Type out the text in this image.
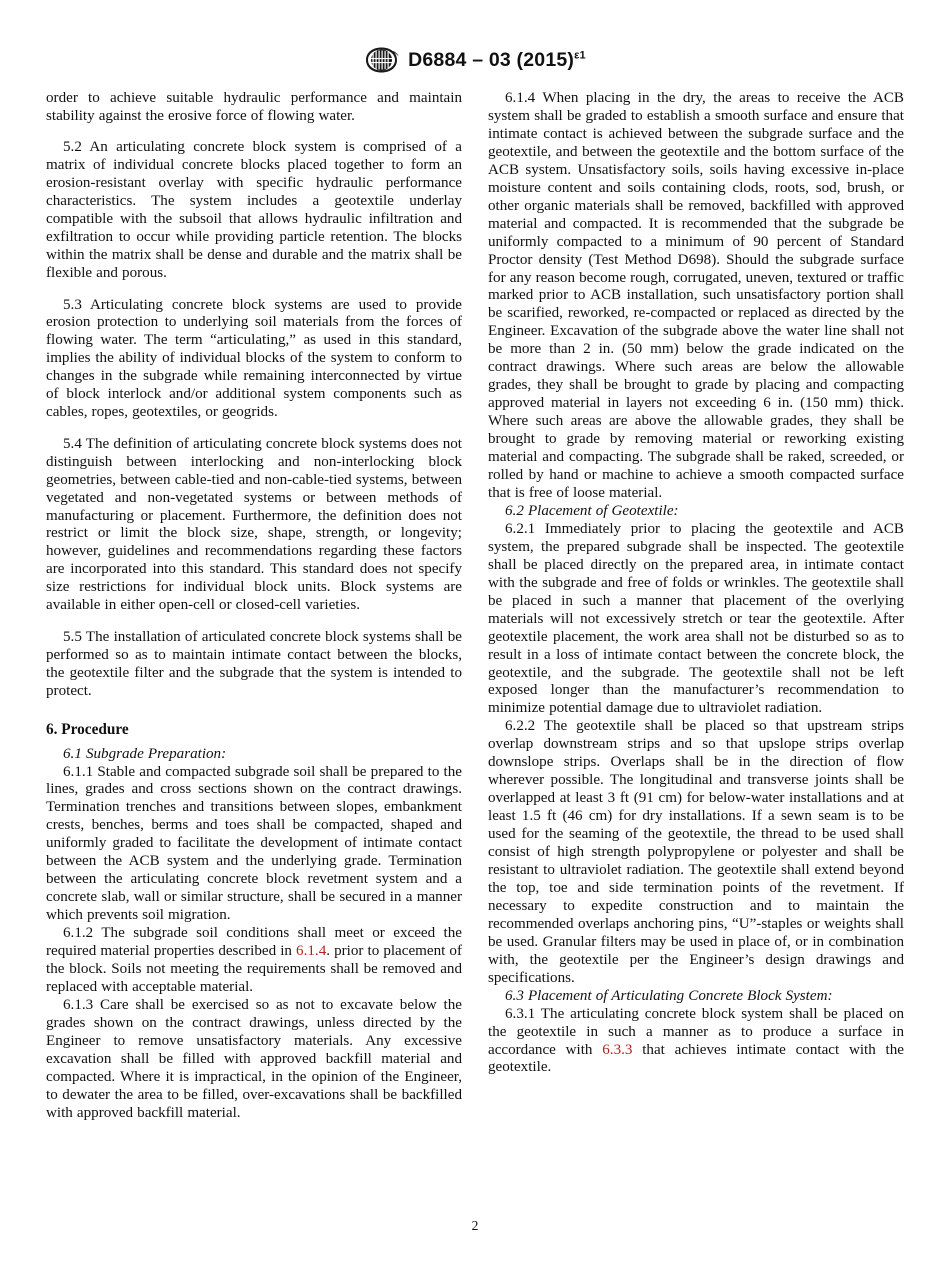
D6884 – 03 $(2015)^{\varepsilon 1}$

order to achieve suitable hydraulic performance and maintain stability against the erosive force of flowing water.

5.2 An articulating concrete block system is comprised of a matrix of individual concrete blocks placed together to form an erosion-resistant overlay with specific hydraulic performance characteristics. The system includes a geotextile underlay compatible with the subsoil that allows hydraulic infiltration and exfiltration to occur while providing particle retention. The blocks within the matrix shall be dense and durable and the matrix shall be flexible and porous.

5.3 Articulating concrete block systems are used to provide erosion protection to underlying soil materials from the forces of flowing water. The term “articulating,” as used in this standard, implies the ability of individual blocks of the system to conform to changes in the subgrade while remaining interconnected by virtue of block interlock and/or additional system components such as cables, ropes, geotextiles, or geogrids.

5.4 The definition of articulating concrete block systems does not distinguish between interlocking and non-interlocking block geometries, between cable-tied and non-cable-tied systems, between vegetated and non-vegetated systems or between methods of manufacturing or placement. Furthermore, the definition does not restrict or limit the block size, shape, strength, or longevity; however, guidelines and recommendations regarding these factors are incorporated into this standard. This standard does not specify size restrictions for individual block units. Block systems are available in either open-cell or closed-cell varieties.

5.5 The installation of articulated concrete block systems shall be performed so as to maintain intimate contact between the blocks, the geotextile filter and the subgrade that the system is intended to protect.

6. Procedure

6.1 Subgrade Preparation:

6.1.1 Stable and compacted subgrade soil shall be prepared to the lines, grades and cross sections shown on the contract drawings. Termination trenches and transitions between slopes, embankment crests, benches, berms and toes shall be compacted, shaped and uniformly graded to facilitate the development of intimate contact between the ACB system and the underlying grade. Termination between the articulating concrete block revetment system and a concrete slab, wall or similar structure, shall be secured in a manner which prevents soil migration.

6.1.2 The subgrade soil conditions shall meet or exceed the required material properties described in 6.1.4. prior to placement of the block. Soils not meeting the requirements shall be removed and replaced with acceptable material.

6.1.3 Care shall be exercised so as not to excavate below the grades shown on the contract drawings, unless directed by the Engineer to remove unsatisfactory materials. Any excessive excavation shall be filled with approved backfill material and compacted. Where it is impractical, in the opinion of the Engineer, to dewater the area to be filled, over-excavations shall be backfilled with approved backfill material.

6.1.4 When placing in the dry, the areas to receive the ACB system shall be graded to establish a smooth surface and ensure that intimate contact is achieved between the subgrade surface and the geotextile, and between the geotextile and the bottom surface of the ACB system. Unsatisfactory soils, soils having excessive in-place moisture content and soils containing clods, roots, sod, brush, or other organic materials shall be removed, backfilled with approved material and compacted. It is recommended that the subgrade be uniformly compacted to a minimum of 90 percent of Standard Proctor density (Test Method D698). Should the subgrade surface for any reason become rough, corrugated, uneven, textured or traffic marked prior to ACB installation, such unsatisfactory portion shall be scarified, reworked, re-compacted or replaced as directed by the Engineer. Excavation of the subgrade above the water line shall not be more than 2 in. (50 mm) below the grade indicated on the contract drawings. Where such areas are below the allowable grades, they shall be brought to grade by placing and compacting approved material in layers not exceeding 6 in. (150 mm) thick. Where such areas are above the allowable grades, they shall be brought to grade by removing material or reworking existing material and compacting. The subgrade shall be raked, screeded, or rolled by hand or machine to achieve a smooth compacted surface that is free of loose material.

6.2 Placement of Geotextile:

6.2.1 Immediately prior to placing the geotextile and ACB system, the prepared subgrade shall be inspected. The geotextile shall be placed directly on the prepared area, in intimate contact with the subgrade and free of folds or wrinkles. The geotextile shall be placed in such a manner that placement of the overlying materials will not excessively stretch or tear the geotextile. After geotextile placement, the work area shall not be disturbed so as to result in a loss of intimate contact between the concrete block, the geotextile, and the subgrade. The geotextile shall not be left exposed longer than the manufacturer’s recommendation to minimize potential damage due to ultraviolet radiation.

6.2.2 The geotextile shall be placed so that upstream strips overlap downstream strips and so that upslope strips overlap downslope strips. Overlaps shall be in the direction of flow wherever possible. The longitudinal and transverse joints shall be overlapped at least 3 ft (91 cm) for below-water installations and at least 1.5 ft (46 cm) for dry installations. If a sewn seam is to be used for the seaming of the geotextile, the thread to be used shall consist of high strength polypropylene or polyester and shall be resistant to ultraviolet radiation. The geotextile shall extend beyond the top, toe and side termination points of the revetment. If necessary to expedite construction and to maintain the recommended overlaps anchoring pins, “U”-staples or weights shall be used. Granular filters may be used in place of, or in combination with, the geotextile per the Engineer’s design drawings and specifications.

6.3 Placement of Articulating Concrete Block System:

6.3.1 The articulating concrete block system shall be placed on the geotextile in such a manner as to produce a surface in accordance with 6.3.3 that achieves intimate contact with the geotextile.

2
